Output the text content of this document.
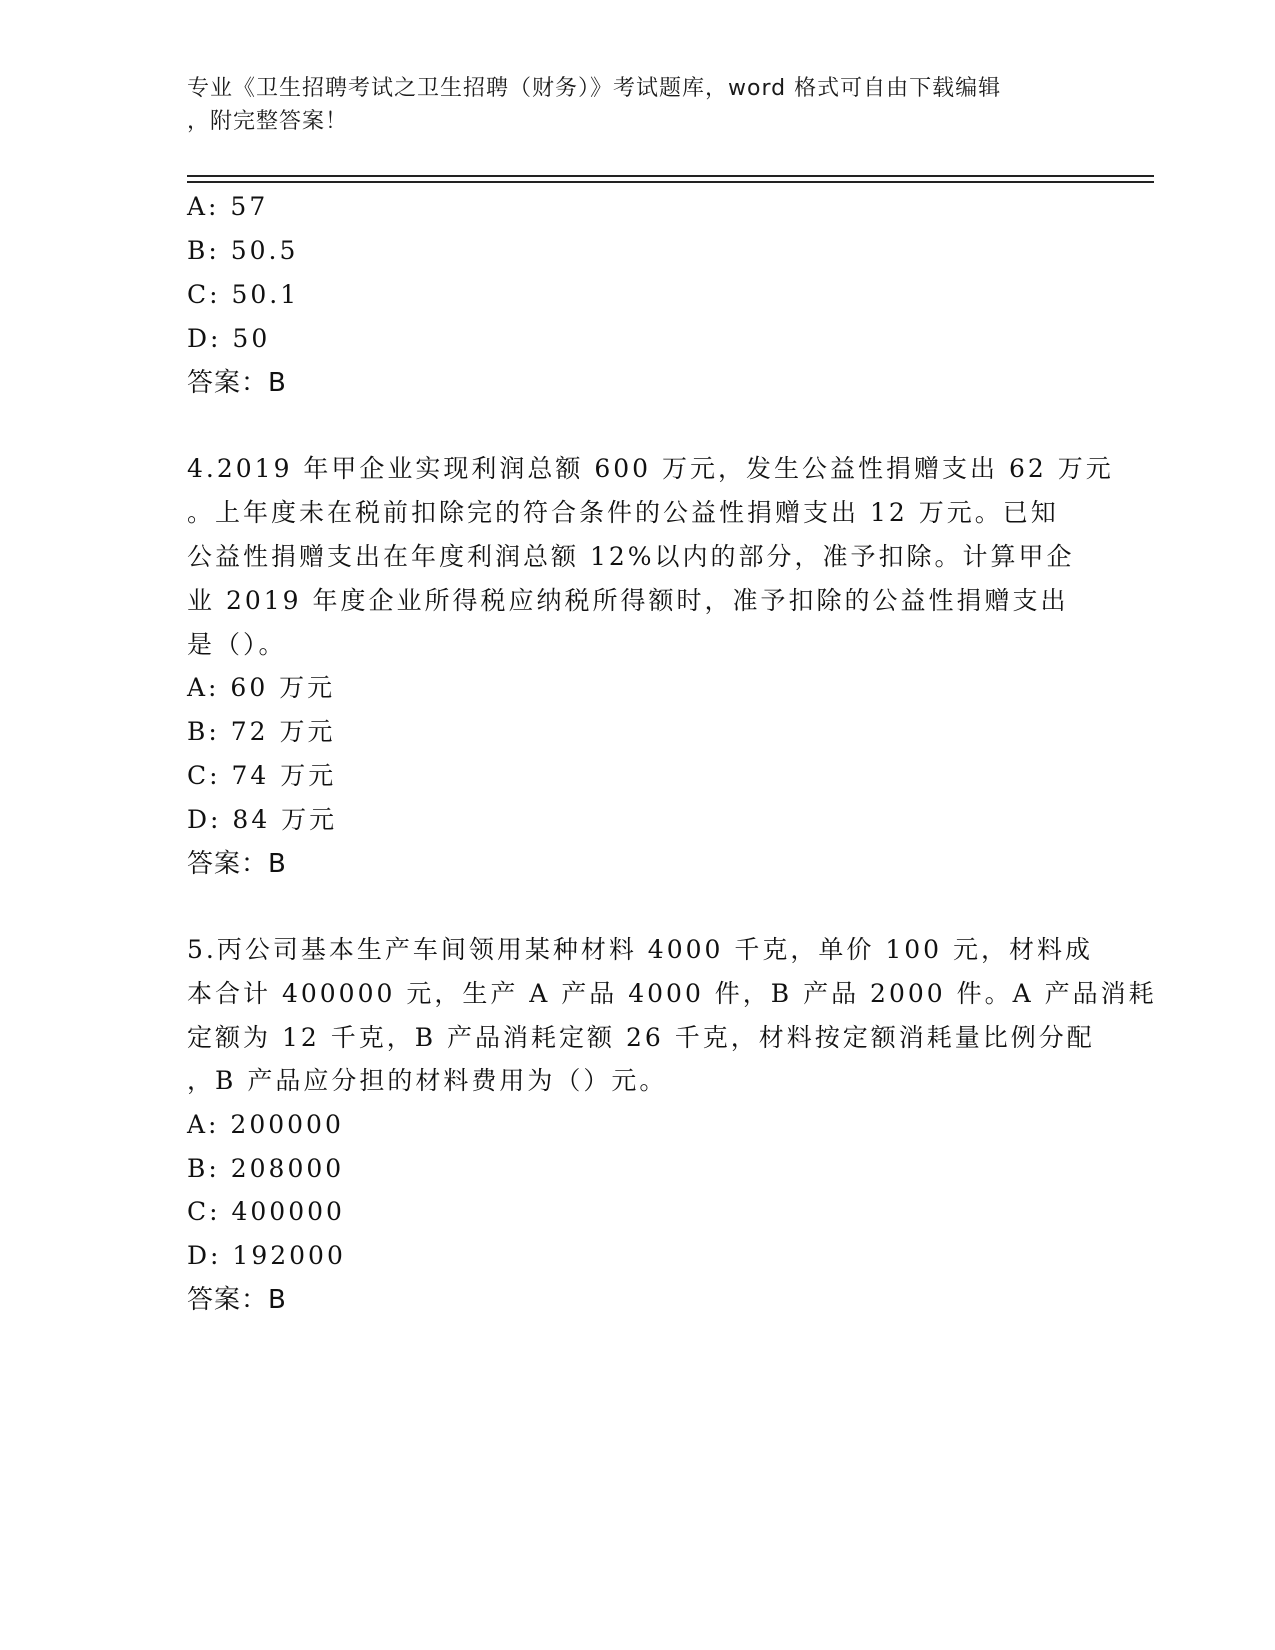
专业《卫生招聘考试之卫生招聘（财务）》考试题库，word 格式可自由下载编辑
，附完整答案！
A: 57
B: 50.5
C: 50.1
D: 50
答案：B
4.2019 年甲企业实现利润总额 600 万元，发生公益性捐赠支出 62 万元
。上年度未在税前扣除完的符合条件的公益性捐赠支出 12 万元。已知
公益性捐赠支出在年度利润总额 12%以内的部分，准予扣除。计算甲企
业 2019 年度企业所得税应纳税所得额时，准予扣除的公益性捐赠支出
是（）。
A: 60 万元
B: 72 万元
C: 74 万元
D: 84 万元
答案：B
5.丙公司基本生产车间领用某种材料 4000 千克，单价 100 元，材料成
本合计 400000 元，生产 A 产品 4000 件，B 产品 2000 件。A 产品消耗
定额为 12 千克，B 产品消耗定额 26 千克，材料按定额消耗量比例分配
，B 产品应分担的材料费用为（）元。
A: 200000
B: 208000
C: 400000
D: 192000
答案：B
